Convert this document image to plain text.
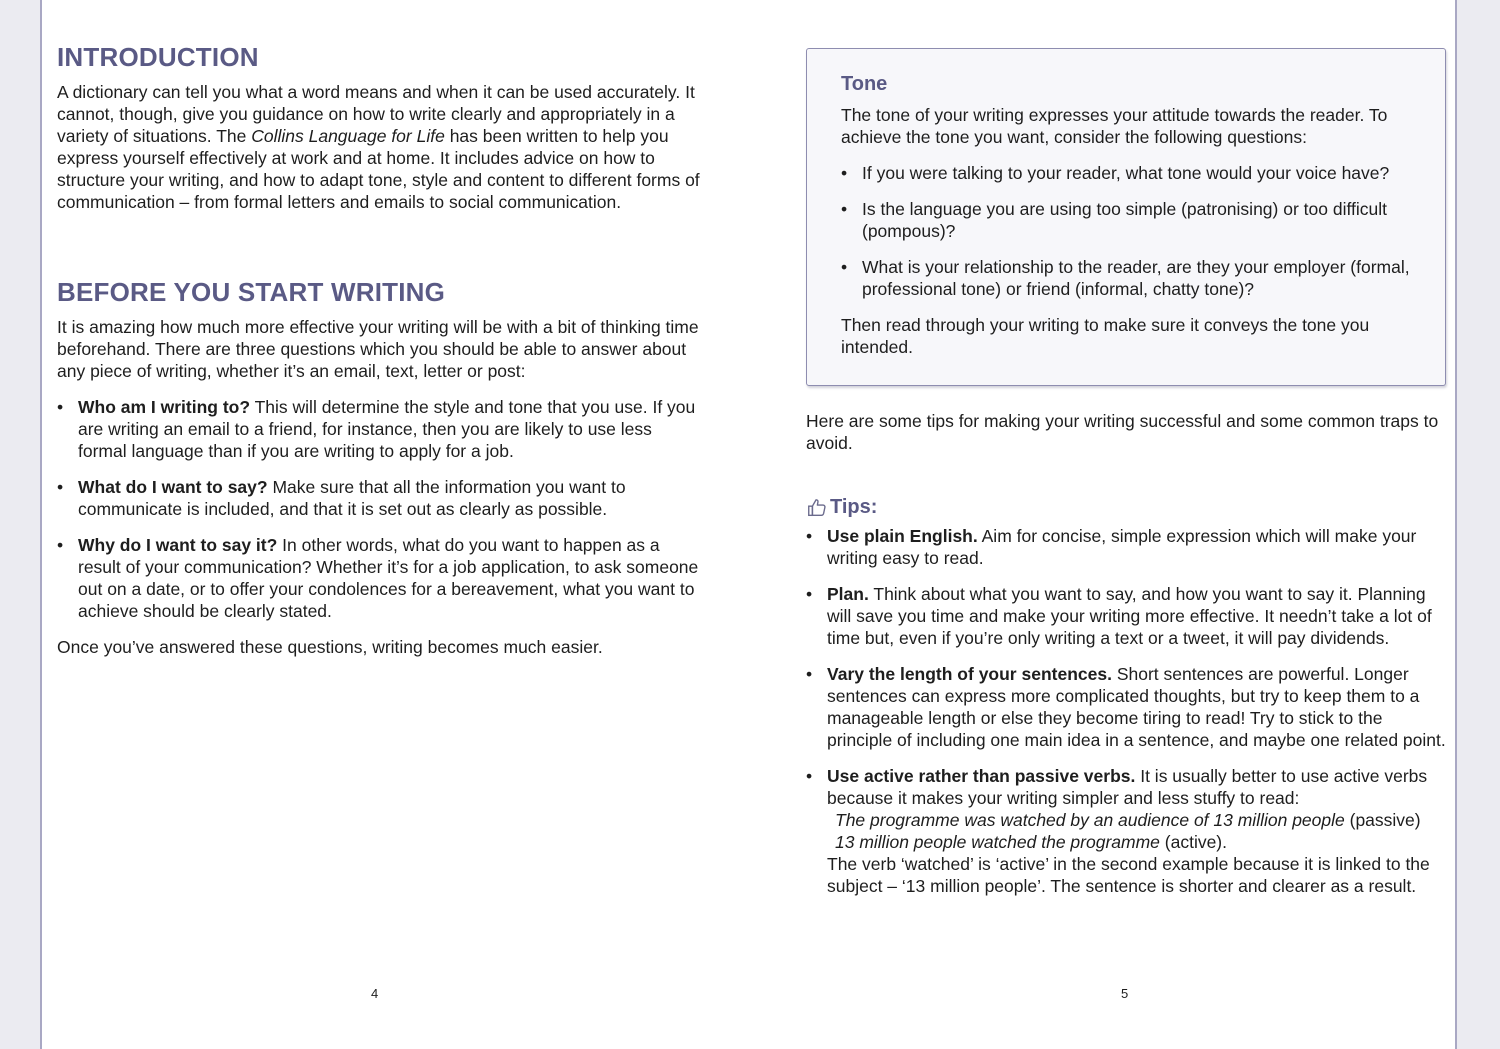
INTRODUCTION

A dictionary can tell you what a word means and when it can be used accurately. It cannot, though, give you guidance on how to write clearly and appropriately in a variety of situations. The Collins Language for Life has been written to help you express yourself effectively at work and at home. It includes advice on how to structure your writing, and how to adapt tone, style and content to different forms of communication – from formal letters and emails to social communication.

BEFORE YOU START WRITING

It is amazing how much more effective your writing will be with a bit of thinking time beforehand. There are three questions which you should be able to answer about any piece of writing, whether it’s an email, text, letter or post:

• Who am I writing to? This will determine the style and tone that you use. If you are writing an email to a friend, for instance, then you are likely to use less formal language than if you are writing to apply for a job.
• What do I want to say? Make sure that all the information you want to communicate is included, and that it is set out as clearly as possible.
• Why do I want to say it? In other words, what do you want to happen as a result of your communication? Whether it’s for a job application, to ask someone out on a date, or to offer your condolences for a bereavement, what you want to achieve should be clearly stated.

Once you’ve answered these questions, writing becomes much easier.

Tone

The tone of your writing expresses your attitude towards the reader. To achieve the tone you want, consider the following questions:

• If you were talking to your reader, what tone would your voice have?
• Is the language you are using too simple (patronising) or too difficult (pompous)?
• What is your relationship to the reader, are they your employer (formal, professional tone) or friend (informal, chatty tone)?

Then read through your writing to make sure it conveys the tone you intended.

Here are some tips for making your writing successful and some common traps to avoid.

Tips:
• Use plain English. Aim for concise, simple expression which will make your writing easy to read.
• Plan. Think about what you want to say, and how you want to say it. Planning will save you time and make your writing more effective. It needn’t take a lot of time but, even if you’re only writing a text or a tweet, it will pay dividends.
• Vary the length of your sentences. Short sentences are powerful. Longer sentences can express more complicated thoughts, but try to keep them to a manageable length or else they become tiring to read! Try to stick to the principle of including one main idea in a sentence, and maybe one related point.
• Use active rather than passive verbs. It is usually better to use active verbs because it makes your writing simpler and less stuffy to read:
The programme was watched by an audience of 13 million people (passive)
13 million people watched the programme (active).
The verb ‘watched’ is ‘active’ in the second example because it is linked to the subject – ‘13 million people’. The sentence is shorter and clearer as a result.
4	5
